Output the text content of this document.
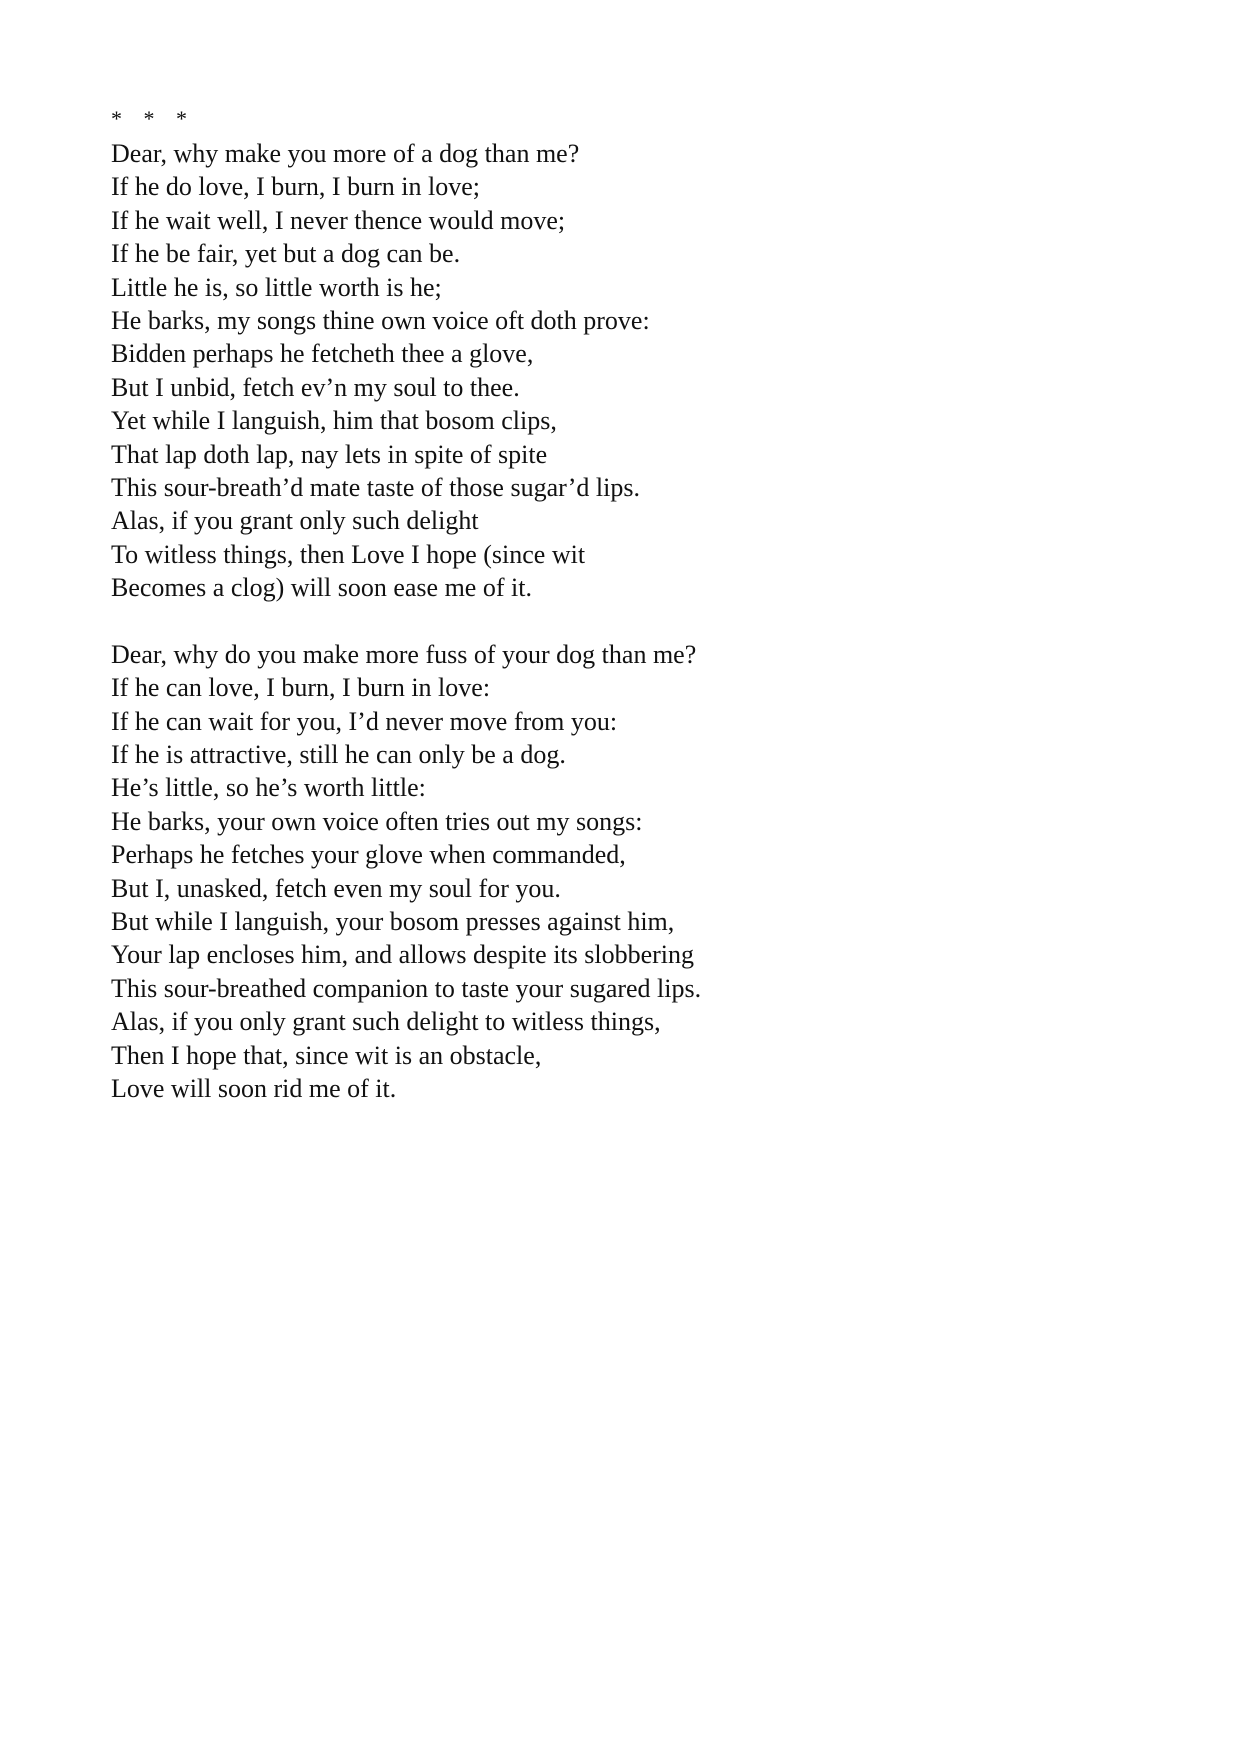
* * *
Dear, why make you more of a dog than me?
If he do love, I burn, I burn in love;
If he wait well, I never thence would move;
If he be fair, yet but a dog can be.
Little he is, so little worth is he;
He barks, my songs thine own voice oft doth prove:
Bidden perhaps he fetcheth thee a glove,
But I unbid, fetch ev’n my soul to thee.
Yet while I languish, him that bosom clips,
That lap doth lap, nay lets in spite of spite
This sour-breath’d mate taste of those sugar’d lips.
Alas, if you grant only such delight
To witless things, then Love I hope (since wit
Becomes a clog) will soon ease me of it.
Dear, why do you make more fuss of your dog than me?
If he can love, I burn, I burn in love:
If he can wait for you, I’d never move from you:
If he is attractive, still he can only be a dog.
He’s little, so he’s worth little:
He barks, your own voice often tries out my songs:
Perhaps he fetches your glove when commanded,
But I, unasked, fetch even my soul for you.
But while I languish, your bosom presses against him,
Your lap encloses him, and allows despite its slobbering
This sour-breathed companion to taste your sugared lips.
Alas, if you only grant such delight to witless things,
Then I hope that, since wit is an obstacle,
Love will soon rid me of it.
